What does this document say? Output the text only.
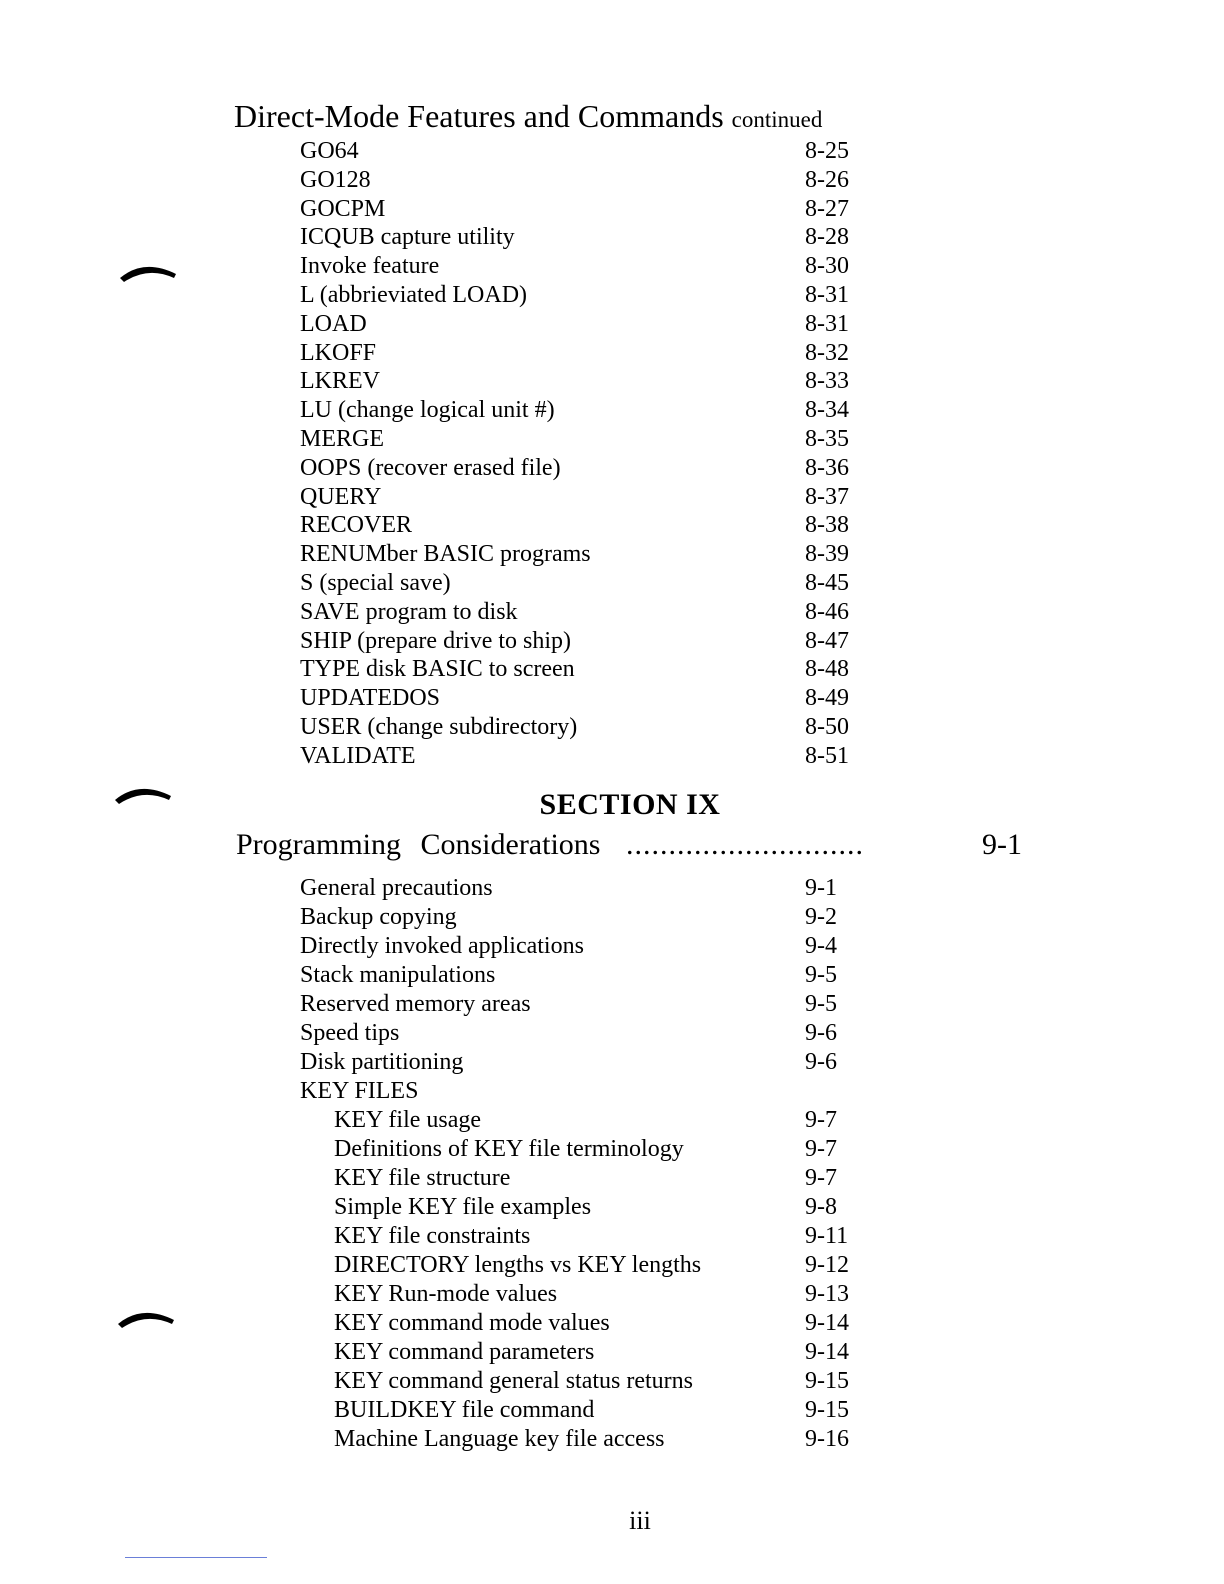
Direct-Mode Features and Commands continued
GO64	8-25
GO128	8-26
GOCPM	8-27
ICQUB capture utility	8-28
Invoke feature	8-30
L (abbrieviated LOAD)	8-31
LOAD	8-31
LKOFF	8-32
LKREV	8-33
LU (change logical unit #)	8-34
MERGE	8-35
OOPS (recover erased file)	8-36
QUERY	8-37
RECOVER	8-38
RENUMber BASIC programs	8-39
S (special save)	8-45
SAVE program to disk	8-46
SHIP (prepare drive to ship)	8-47
TYPE disk BASIC to screen	8-48
UPDATEDOS	8-49
USER (change subdirectory)	8-50
VALIDATE	8-51
SECTION IX
Programming Considerations ............................	9-1
General precautions	9-1
Backup copying	9-2
Directly invoked applications	9-4
Stack manipulations	9-5
Reserved memory areas	9-5
Speed tips	9-6
Disk partitioning	9-6
KEY FILES
KEY file usage	9-7
Definitions of KEY file terminology	9-7
KEY file structure	9-7
Simple KEY file examples	9-8
KEY file constraints	9-11
DIRECTORY lengths vs KEY lengths	9-12
KEY Run-mode values	9-13
KEY command mode values	9-14
KEY command parameters	9-14
KEY command general status returns	9-15
BUILDKEY file command	9-15
Machine Language key file access	9-16
iii
